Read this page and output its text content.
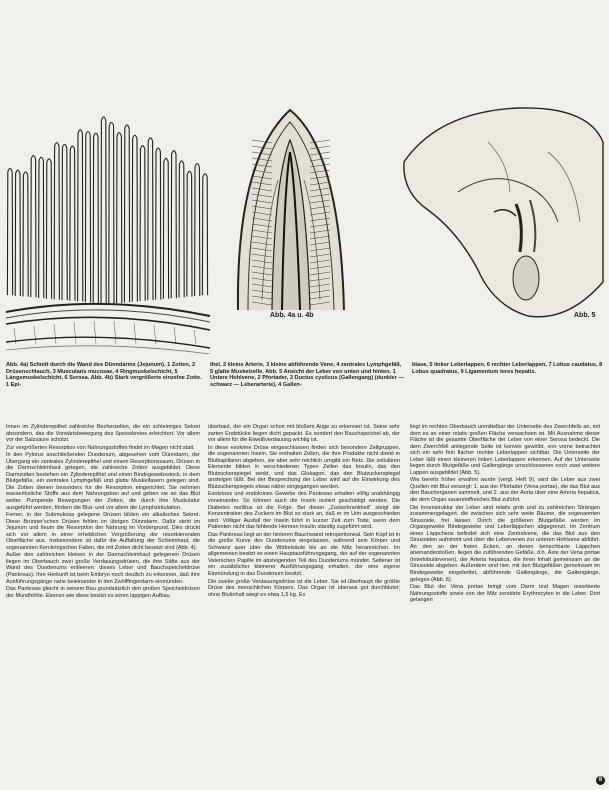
Abb. 4a u. 4b	Abb. 5

Abb. 4a) Schnitt durch die Wand des Dünndarms (Jejunum). 1 Zotten, 2 Drüsenschlauch, 3 Muscularis mucosae, 4 Ringmuskelschicht, 5 Längsmuskelschicht, 6 Serosa. Abb. 4b) Stark vergrößerte einzelne Zotte. 1 Epi-

thel, 2 kleine Arterie, 3 kleine abführende Vene, 4 zentrales Lymphgefäß, 5 glatte Muskelzelle. Abb. 5 Ansicht der Leber von unten und hinten. 1 Untere Hohlvene, 2 Pfortader, 3 Ductus cysticus (Gallengang) (dunkler — schwarz — Leberarterie), 4 Gallen-

blase, 5 linker Leberlappen, 6 rechter Leberlappen, 7 Lobus caudatus, 8 Lobus quadratus, 9 Ligamentum teres hepatis.

Innen im Zylinderepithel zahlreiche Becherzellen, die ein schleimiges Sekret absondern, das die Vorwärtsbewegung des Speisebreies erleichtert. Vor allem vor der Salzsäure schützt.

Zur vergrößerten Resorption von Nahrungsstoffen findet im Magen nicht statt.

In den Pylorus anschließenden Duodenum, abgesehen vom Dünndarm, der Übergang ein zentrales Zylinderepithel und einem Resorptionssaum, Drüsen in die Darmschleimhaut gelegen, die zahlreiche Zotten ausgebildet. Diese Darmzotten bestehen ein Zylinderepithel und einen Bindegewebsstock, in dem Blutgefäße, ein zentrales Lymphgefäß und glatte Muskelfasern gelegen sind. Die Zotten dienen besonders für die Resorption eingerichtet. Sie nehmen wasserlösliche Stoffe aus dem Nahrungsbrei auf und geben sie an das Blut weiter. Pumpende Bewegungen der Zotten, die durch ihre Muskulatur ausgeführt werden, fördern die Blut- und vor allem die Lymphzirkulation.

Ferner, in der Submukosa gelegene Drüsen bilden ein alkalisches Sekret. Diese Brunner'schen Drüsen fehlen im übrigen Dünndarm. Dafür steht im Jejunum und Ileum die Resorption der Nahrung im Vordergrund. Dies drückt sich vor allem in einer erheblichen Vergrößerung der resorbierenden Oberfläche aus. Insbesondere ist dafür die Auffaltung der Schleimhaut, die sogenannten Kerckringschen Falten, die mit Zotten dicht besetzt sind (Abb. 4).

Außer den zahlreichen kleinen in der Darmschleimhaut gelegenen Drüsen liegen im Oberbauch zwei große Verdauungsdrüsen, die ihre Säfte aus der Wand des Duodenums entleeren: dieses Leber und Bauchspeicheldrüse (Pankreas). Ihre Herkunft ist beim Embryo noch deutlich zu erkennen, daß ihre Ausführungsgänge nahe beieinander in den Zwölffingerdarm einmünden.

Das Pankreas gleicht in seinem Bau grundsätzlich den großen Speicheldrüsen der Mundhöhle. Ebenso wie diese besitzt es einen lappigen Aufbau.

überbaut, der ein Organ schon mit bloßem Auge zu erkennen ist. Seine sehr zarten Endstücke liegen dicht gepackt. Es sondert den Bauchspeichel ab, der vor allem für die Eiweißverdauung wichtig ist.

In diese exokrine Drüse eingeschlossen finden sich besondere Zellgruppen, die sogenannten Inseln. Sie enthalten Zellen, die ihre Produkte nicht direkt in Blutkapillaren abgeben, sie aber sehr reichlich umgibt ein Netz. Die zellulären Elemente bilden in verschiedenen Typen Zellen das Insulin, das den Blutzuckerspiegel senkt, und das Glukagon, das den Blutzuckerspiegel ansteigen läßt. Bei der Besprechung der Leber wird auf die Einwirkung des Blutzuckerspiegels etwas näher eingegangen werden.

Exokrines und endokrines Gewebe des Pankreas erhalten völlig unabhängig voneinander. So können auch die Inseln isoliert geschädigt werden. Die Diabetes mellitus ist die Folge. Bei dieser „Zuckerkrankheit“ steigt die Konzentration des Zuckers im Blut so stark an, daß er im Urin ausgeschieden wird. Völliger Ausfall der Inseln führt in kurzer Zeit zum Tode, wenn dem Patienten nicht das fehlende Hormon Insulin ständig zugeführt wird.

Das Pankreas liegt an der hinteren Bauchwand retroperitoneal. Sein Kopf ist in die große Kurve des Duodenums eingelassen, während sein Körper und Schwanz quer über die Wirbelsäule bis an die Milz heranreichen. Im allgemeinen besitzt es einen Hauptausführungsgang, der auf der sogenannten Vaterschen Papille im absteigenden Teil des Duodenums mündet. Seltener ist ein zusätzlicher kleinerer Ausführungsgang erhalten, der eine eigene Einmündung in das Duodenum besitzt.

Die zweite große Verdauungsdrüse ist die Leber. Sie ist überhaupt die größte Drüse des menschlichen Körpers. Das Organ ist überaus gut durchblutet; ohne Blutinhalt wiegt es etwa 1,5 kg. Es

liegt im rechten Oberbauch unmittelbar der Unterseite des Zwerchfells an, mit dem es an einer relativ großen Fläche verwachsen ist. Mit Ausnahme dieser Fläche ist die gesamte Oberfläche der Leber von einer Serosa bedeckt. Die dem Zwerchfell anliegende Seite ist konvex gewölbt, von vorne betrachtet sich ein sehr fein flacher rechter Leberlappen sichtbar. Die Unterseite der Leber läßt einen kleineren linken Leberlappen erkennen. Auf der Unterseite liegen durch Blutgefäße und Gallengänge umschlossenen noch zwei weitere Lappen ausgebildet (Abb. 5).

Wie bereits früher erwähnt wurde (vergl. Heft 9), wird die Leber aus zwei Quellen mit Blut versorgt: 1. aus der Pfortader (Vena portae), die das Blut aus den Bauchorganen sammelt, und 2. aus der Aorta über eine Arteria hepatica, die dem Organ sauerstoffreiches Blut zuführt.

Die Innenstruktur der Leber sind relativ grob und zu zahlreichen Strängen zusammengelagert, die zwischen sich sehr weite Räume, die sogenannten Sinusoide, frei lassen. Durch die größeren Blutgefäße werden im Organgewebe Bindegewebe und Leberläppchen abgegrenzt. Im Zentrum eines Läppchens befindet sich eine Zentralvene, die das Blut aus den Sinusoiden aufnimmt und über die Lebervenen zur unteren Hohlvene abführt. An den an der freien Ecken, an denen benachbarte Läppchen aneinanderstoßen, liegen die zuführenden Gefäße, d.h. Äste der Vena portae (Interlobulärvenen), der Arteria hepatica, die ihren Inhalt gemeinsam an die Sinusoide abgeben. Außerdem sind hier, mit den Blutgefäßen gemeinsam im Bindegewebe eingebettet, abführende Gallengänge, die Gallengänge, gelegen (Abb. 6).

Das Blut der Vena portae bringt vom Darm und Magen resorbierte Nahrungsstoffe sowie von der Milz zerstörte Erythrocyten in die Leber. Dort gelangen

8
